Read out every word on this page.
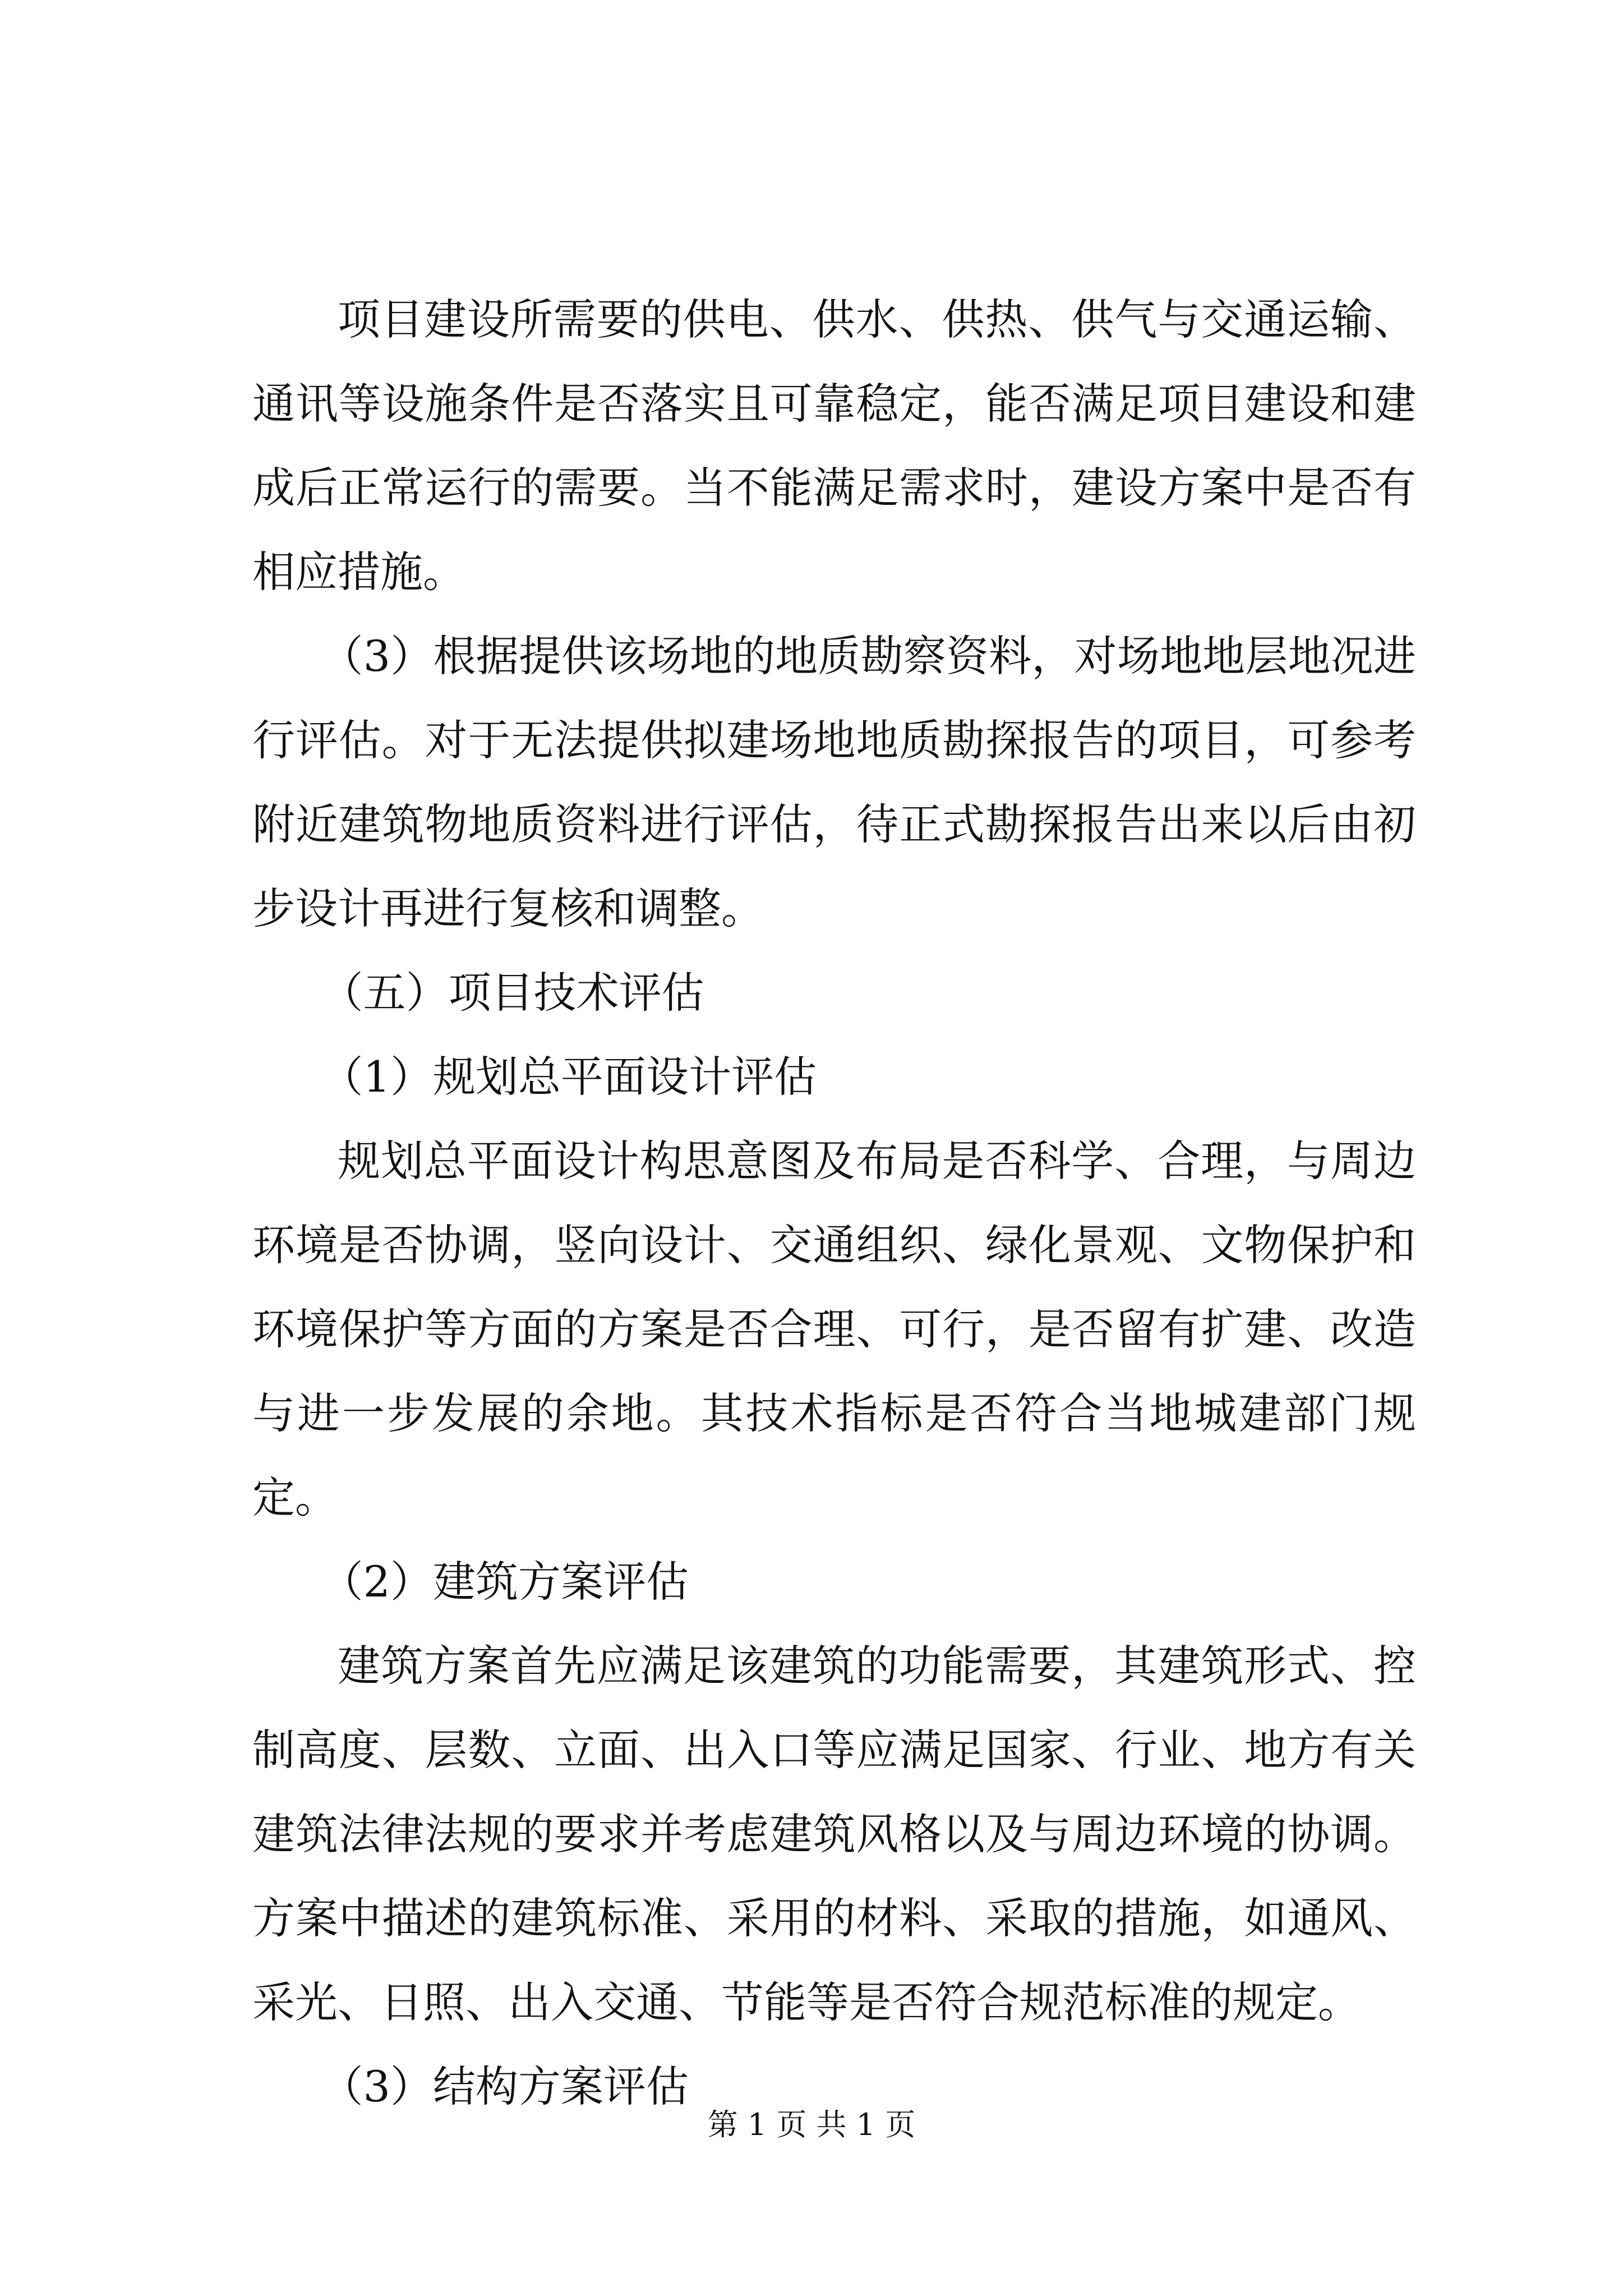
项目建设所需要的供电、供水、供热、供气与交通运输、通讯等设施条件是否落实且可靠稳定，能否满足项目建设和建成后正常运行的需要。当不能满足需求时，建设方案中是否有相应措施。

（3）根据提供该场地的地质勘察资料，对场地地层地况进行评估。对于无法提供拟建场地地质勘探报告的项目，可参考附近建筑物地质资料进行评估，待正式勘探报告出来以后由初步设计再进行复核和调整。

（五）项目技术评估

（1）规划总平面设计评估

规划总平面设计构思意图及布局是否科学、合理，与周边环境是否协调，竖向设计、交通组织、绿化景观、文物保护和环境保护等方面的方案是否合理、可行，是否留有扩建、改造与进一步发展的余地。其技术指标是否符合当地城建部门规定。

（2）建筑方案评估

建筑方案首先应满足该建筑的功能需要，其建筑形式、控制高度、层数、立面、出入口等应满足国家、行业、地方有关建筑法律法规的要求并考虑建筑风格以及与周边环境的协调。方案中描述的建筑标准、采用的材料、采取的措施，如通风、采光、日照、出入交通、节能等是否符合规范标准的规定。

（3）结构方案评估

第 1 页 共 1 页
